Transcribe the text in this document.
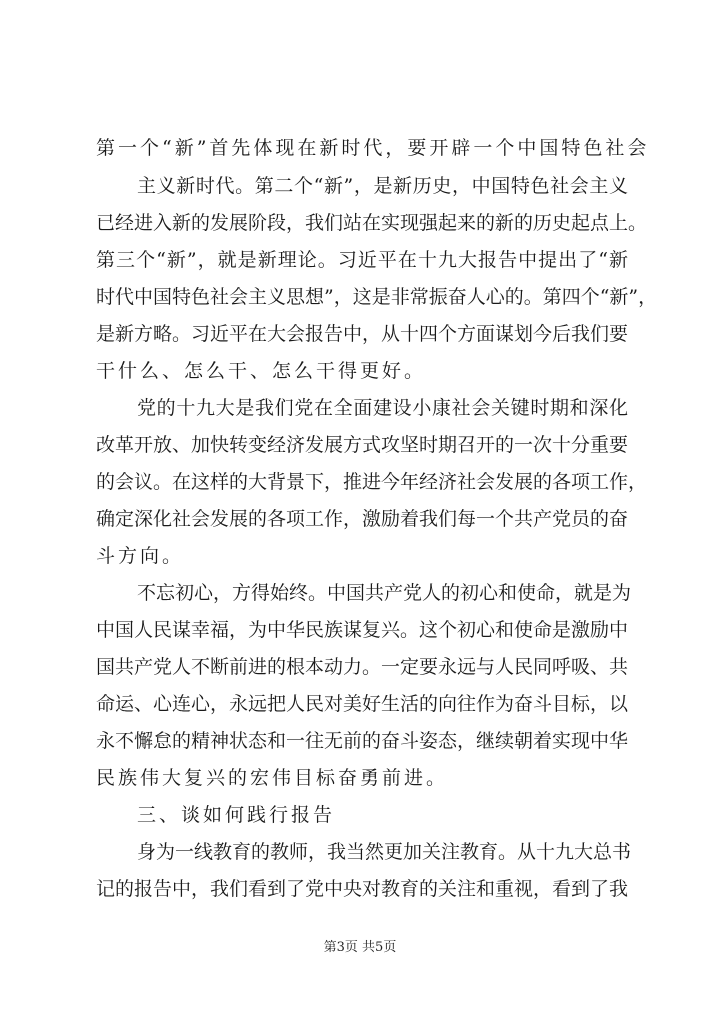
第一个“新”首先体现在新时代，要开辟一个中国特色社会
主义新时代。第二个“新”，是新历史，中国特色社会主义
已经进入新的发展阶段，我们站在实现强起来的新的历史起点上。
第三个“新”，就是新理论。习近平在十九大报告中提出了“新
时代中国特色社会主义思想”，这是非常振奋人心的。第四个“新”，
是新方略。习近平在大会报告中，从十四个方面谋划今后我们要
干什么、怎么干、怎么干得更好。
党的十九大是我们党在全面建设小康社会关键时期和深化
改革开放、加快转变经济发展方式攻坚时期召开的一次十分重要
的会议。在这样的大背景下，推进今年经济社会发展的各项工作，
确定深化社会发展的各项工作，激励着我们每一个共产党员的奋
斗方向。
不忘初心，方得始终。中国共产党人的初心和使命，就是为
中国人民谋幸福，为中华民族谋复兴。这个初心和使命是激励中
国共产党人不断前进的根本动力。一定要永远与人民同呼吸、共
命运、心连心，永远把人民对美好生活的向往作为奋斗目标，以
永不懈怠的精神状态和一往无前的奋斗姿态，继续朝着实现中华
民族伟大复兴的宏伟目标奋勇前进。
三、谈如何践行报告
身为一线教育的教师，我当然更加关注教育。从十九大总书
记的报告中，我们看到了党中央对教育的关注和重视，看到了我
第3页 共5页
